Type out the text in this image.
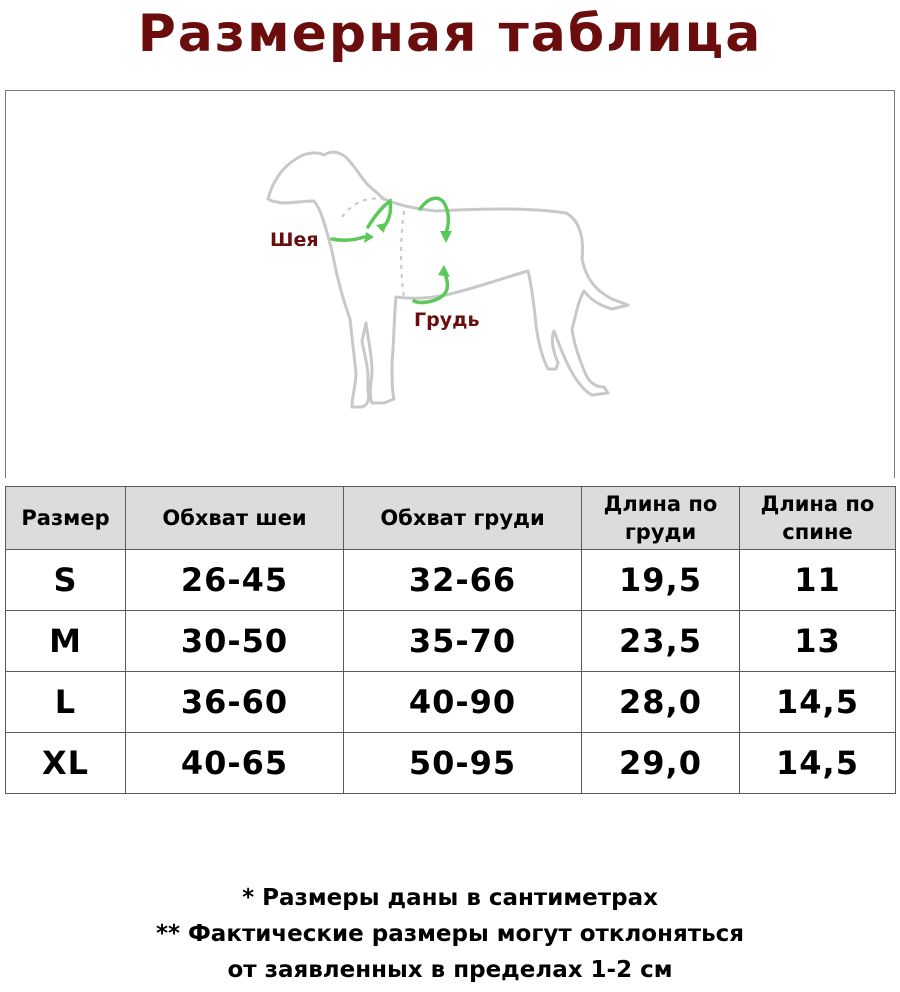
Размерная таблица
Шея
Грудь
Размер	Обхват шеи	Обхват груди	Длина по груди	Длина по спине
S	26-45	32-66	19,5	11
M	30-50	35-70	23,5	13
L	36-60	40-90	28,0	14,5
XL	40-65	50-95	29,0	14,5
* Размеры даны в сантиметрах
** Фактические размеры могут отклоняться
от заявленных в пределах 1-2 см
